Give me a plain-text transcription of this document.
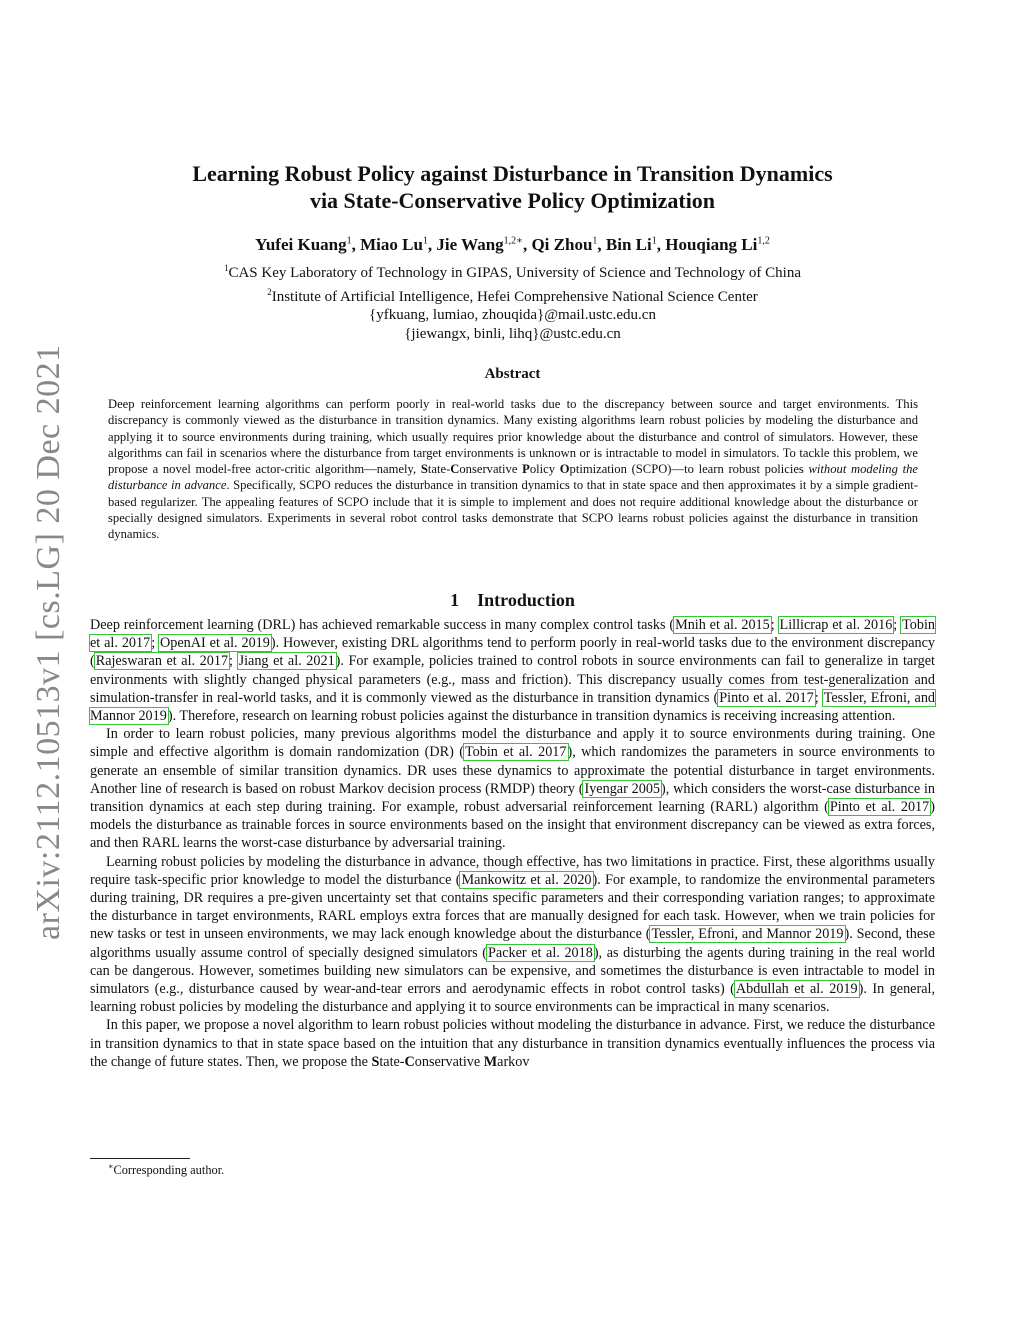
arXiv:2112.10513v1 [cs.LG] 20 Dec 2021
Learning Robust Policy against Disturbance in Transition Dynamics
via State-Conservative Policy Optimization
Yufei Kuang$^1$, Miao Lu$^1$, Jie Wang$^{1,2∗}$, Qi Zhou$^1$, Bin Li$^1$, Houqiang Li$^{1,2}$
$^1$CAS Key Laboratory of Technology in GIPAS, University of Science and Technology of China
$^2$Institute of Artificial Intelligence, Hefei Comprehensive National Science Center
{yfkuang, lumiao, zhouqida}@mail.ustc.edu.cn
{jiewangx, binli, lihq}@ustc.edu.cn
Abstract
Deep reinforcement learning algorithms can perform poorly in real-world tasks due to the discrepancy between source and target environments. This discrepancy is commonly viewed as the disturbance in transition dynamics. Many existing algorithms learn robust policies by modeling the disturbance and applying it to source environments during training, which usually requires prior knowledge about the disturbance and control of simulators. However, these algorithms can fail in scenarios where the disturbance from target environments is unknown or is intractable to model in simulators. To tackle this problem, we propose a novel model-free actor-critic algorithm—namely, State-Conservative Policy Optimization (SCPO)—to learn robust policies without modeling the disturbance in advance. Specifically, SCPO reduces the disturbance in transition dynamics to that in state space and then approximates it by a simple gradient-based regularizer. The appealing features of SCPO include that it is simple to implement and does not require additional knowledge about the disturbance or specially designed simulators. Experiments in several robot control tasks demonstrate that SCPO learns robust policies against the disturbance in transition dynamics.
1 Introduction

Deep reinforcement learning (DRL) has achieved remarkable success in many complex control tasks (Mnih et al. 2015; Lillicrap et al. 2016; Tobin et al. 2017; OpenAI et al. 2019). However, existing DRL algorithms tend to perform poorly in real-world tasks due to the environment discrepancy (Rajeswaran et al. 2017; Jiang et al. 2021). For example, policies trained to control robots in source environments can fail to generalize in target environments with slightly changed physical parameters (e.g., mass and friction). This discrepancy usually comes from test-generalization and simulation-transfer in real-world tasks, and it is commonly viewed as the disturbance in transition dynamics (Pinto et al. 2017; Tessler, Efroni, and Mannor 2019). Therefore, research on learning robust policies against the disturbance in transition dynamics is receiving increasing attention.

In order to learn robust policies, many previous algorithms model the disturbance and apply it to source environments during training. One simple and effective algorithm is domain randomization (DR) (Tobin et al. 2017), which randomizes the parameters in source environments to generate an ensemble of similar transition dynamics. DR uses these dynamics to approximate the potential disturbance in target environments. Another line of research is based on robust Markov decision process (RMDP) theory (Iyengar 2005), which considers the worst-case disturbance in transition dynamics at each step during training. For example, robust adversarial reinforcement learning (RARL) algorithm (Pinto et al. 2017) models the disturbance as trainable forces in source environments based on the insight that environment discrepancy can be viewed as extra forces, and then RARL learns the worst-case disturbance by adversarial training.

Learning robust policies by modeling the disturbance in advance, though effective, has two limitations in practice. First, these algorithms usually require task-specific prior knowledge to model the disturbance (Mankowitz et al. 2020). For example, to randomize the environmental parameters during training, DR requires a pre-given uncertainty set that contains specific parameters and their corresponding variation ranges; to approximate the disturbance in target environments, RARL employs extra forces that are manually designed for each task. However, when we train policies for new tasks or test in unseen environments, we may lack enough knowledge about the disturbance (Tessler, Efroni, and Mannor 2019). Second, these algorithms usually assume control of specially designed simulators (Packer et al. 2018), as disturbing the agents during training in the real world can be dangerous. However, sometimes building new simulators can be expensive, and sometimes the disturbance is even intractable to model in simulators (e.g., disturbance caused by wear-and-tear errors and aerodynamic effects in robot control tasks) (Abdullah et al. 2019). In general, learning robust policies by modeling the disturbance and applying it to source environments can be impractical in many scenarios.

In this paper, we propose a novel algorithm to learn robust policies without modeling the disturbance in advance. First, we reduce the disturbance in transition dynamics to that in state space based on the intuition that any disturbance in transition dynamics eventually influences the process via the change of future states. Then, we propose the State-Conservative Markov

∗Corresponding author.
